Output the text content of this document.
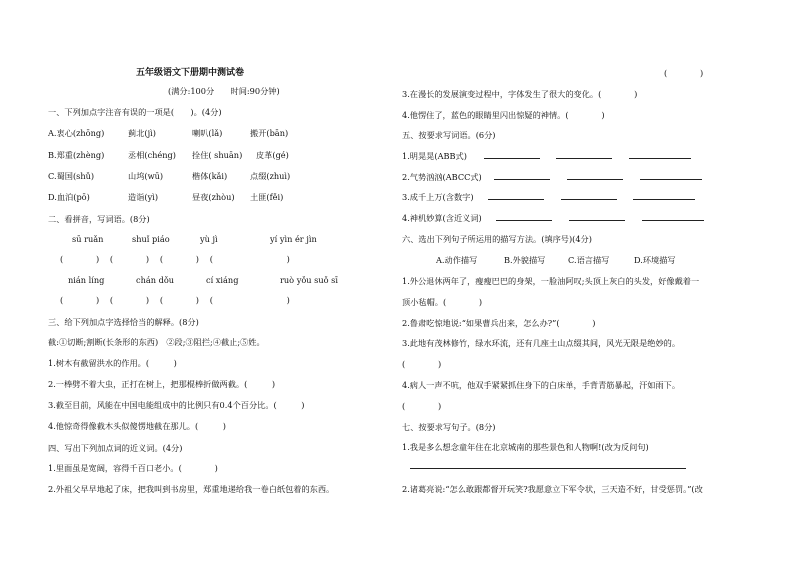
五年级语文下册期中测试卷
(满分:100分　　时间:90分钟)
一、下列加点字注音有误的一项是(　　)。(4分)
A.衷心(zhōng)	蓟北(jì)	喇叭(lǎ)	搬开(bān)
B.郑重(zhèng)	丞相(chéng) 拴住( shuān) 皮革(gé)
C.蜀国(shǔ)	山坞(wū)	楷体(kǎi)	点缀(zhuì)
D.血泊(pō)	造诣(yì)	昼夜(zhòu) 土匪(fěi)
二、看拼音，写词语。(8分)
sū ruǎn	shuǐ piáo	yù jì	yí yìn ér jìn
(　　　　)　 (　　　　)　 (　　　　)　 (　　　　　　　　　)
nián líng	chán dǒu	cí xiáng	ruò yǒu suǒ sī
(　　　　)　 (　　　　)　 (　　　　)　 (　　　　　　　　　)
三、给下列加点字选择恰当的解释。(8分)
截:①切断;割断(长条形的东西)　②段;③阻拦;④截止;⑤姓。
1.树木有截留洪水的作用。(　　　)
2.一棒劈不着大虫，正打在树上，把那棍棒折做两截。(　　　)
3.截至目前，风能在中国电能组成中的比例只有0.4个百分比。(　　　)
4.他惊奇得像截木头似傻愣地截在那儿。(　　　)
四、写出下列加点词的近义词。(4分)
1.里面虽是宽阔，容得千百口老小。(　　　　)
2.外祖父早早地起了床，把我叫到书房里，郑重地递给我一卷白纸包着的东西。
(　　　　)
3.在漫长的发展演变过程中，字体发生了很大的变化。(　　　　)
4.他愣住了，蓝色的眼睛里闪出惊疑的神情。(　　　　)
五、按要求写词语。(6分)
1.明晃晃(ABB式)
2.气势汹汹(ABCC式)
3.成千上万(含数字)
4.神机妙算(含近义词)
六、选出下列句子所运用的描写方法。(填序号)(4分)
A.动作描写	B.外貌描写	C.语言描写	D.环境描写
1.外公退休两年了，瘦瘦巴巴的身架，一脸油阿叹;头顶上灰白的头发，好像戴着一
顶小毡帽。(　　　　)
2.鲁肃吃惊地说:“如果曹兵出来，怎么办?”(　　　　)
3.此地有茂林修竹，绿水环流，还有几座土山点缀其间，风光无限是绝妙的。
(　　　　)
4.病人一声不吭，他双手紧紧抓住身下的白床单，手背青筋暴起，汗如雨下。
(　　　　)
七、按要求写句子。(8分)
1.我是多么想念童年住在北京城南的那些景色和人物啊!(改为反问句)
2.诸葛亮说:“怎么敢跟都督开玩笑?我愿意立下军令状，三天造不好，甘受惩罚。”(改
